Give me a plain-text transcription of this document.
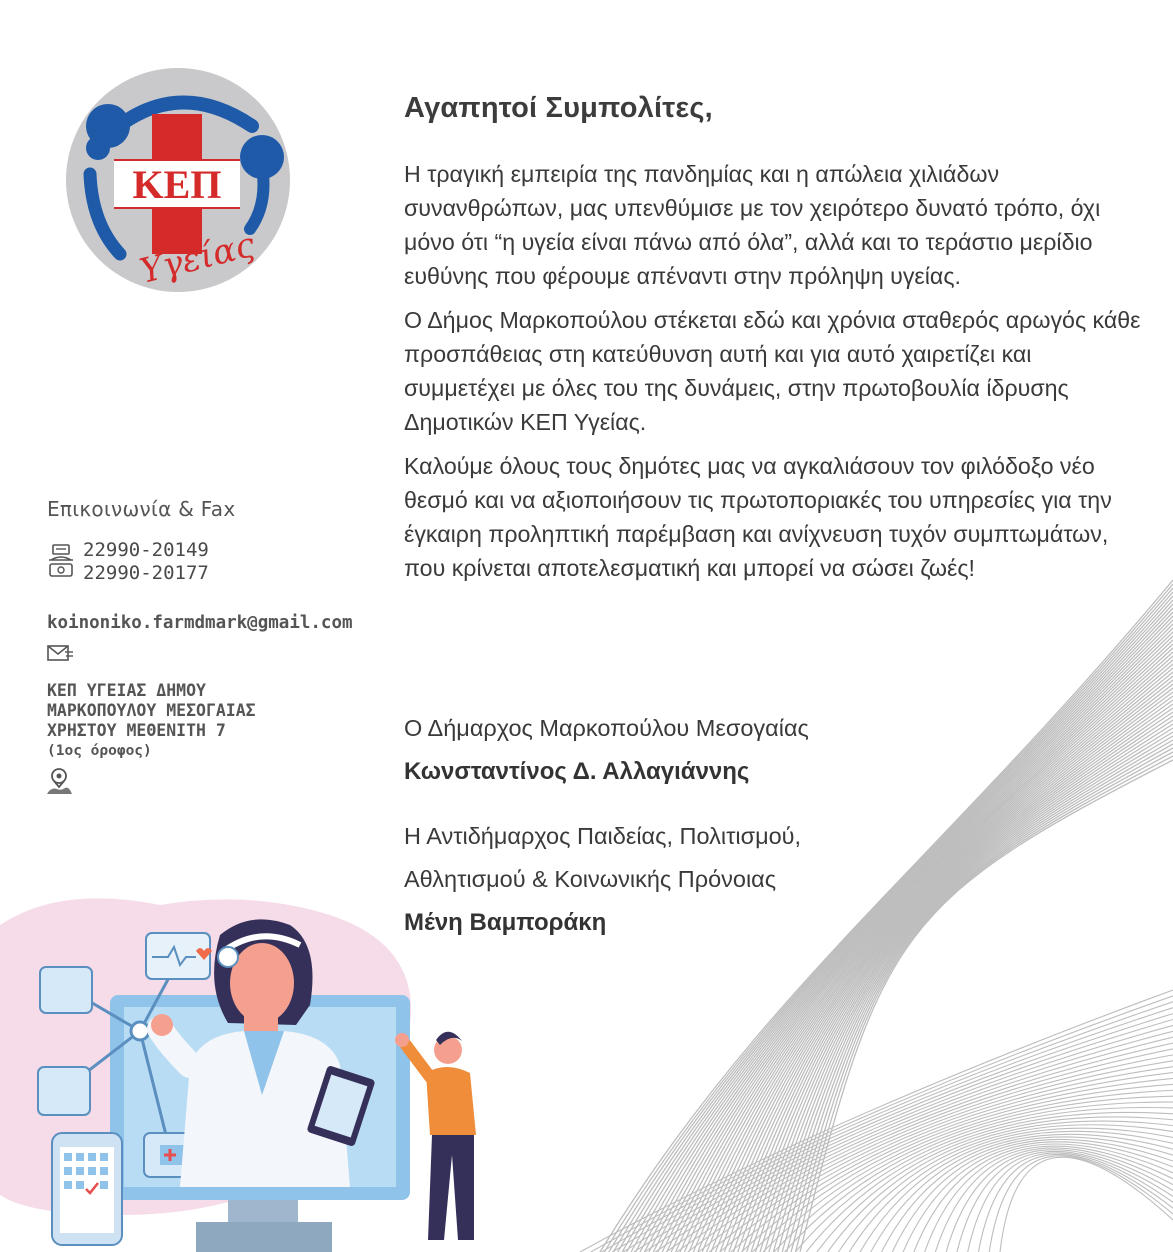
ΚΕΠ
Υγείας
Επικοινωνία & Fax
22990-20149
22990-20177
koinoniko.farmdmark@gmail.com
ΚΕΠ ΥΓΕΙΑΣ ΔΗΜΟΥ
ΜΑΡΚΟΠΟΥΛΟΥ ΜΕΣΟΓΑΙΑΣ
ΧΡΗΣΤΟΥ ΜΕΘΕΝΙΤΗ 7
(1ος όροφος)
Αγαπητοί Συμπολίτες,

Η τραγική εμπειρία της πανδημίας και η απώλεια χιλιάδων συνανθρώπων, μας υπενθύμισε με τον χειρότερο δυνατό τρόπο, όχι μόνο ότι “η υγεία είναι πάνω από όλα”, αλλά και το τεράστιο μερίδιο ευθύνης που φέρουμε απέναντι στην πρόληψη υγείας.

Ο Δήμος Μαρκοπούλου στέκεται εδώ και χρόνια σταθερός αρωγός κάθε προσπάθειας στη κατεύθυνση αυτή και για αυτό χαιρετίζει και συμμετέχει με όλες του της δυνάμεις, στην πρωτοβουλία ίδρυσης Δημοτικών ΚΕΠ Υγείας.

Καλούμε όλους τους δημότες μας να αγκαλιάσουν τον φιλόδοξο νέο θεσμό και να αξιοποιήσουν τις πρωτοποριακές του υπηρεσίες για την έγκαιρη προληπτική παρέμβαση και ανίχνευση τυχόν συμπτωμάτων, που κρίνεται αποτελεσματική και μπορεί να σώσει ζωές!

Ο Δήμαρχος Μαρκοπούλου Μεσογαίας
Κωνσταντίνος Δ. Αλλαγιάννης
Η Αντιδήμαρχος Παιδείας, Πολιτισμού,
Αθλητισμού & Κοινωνικής Πρόνοιας
Μένη Βαμποράκη
